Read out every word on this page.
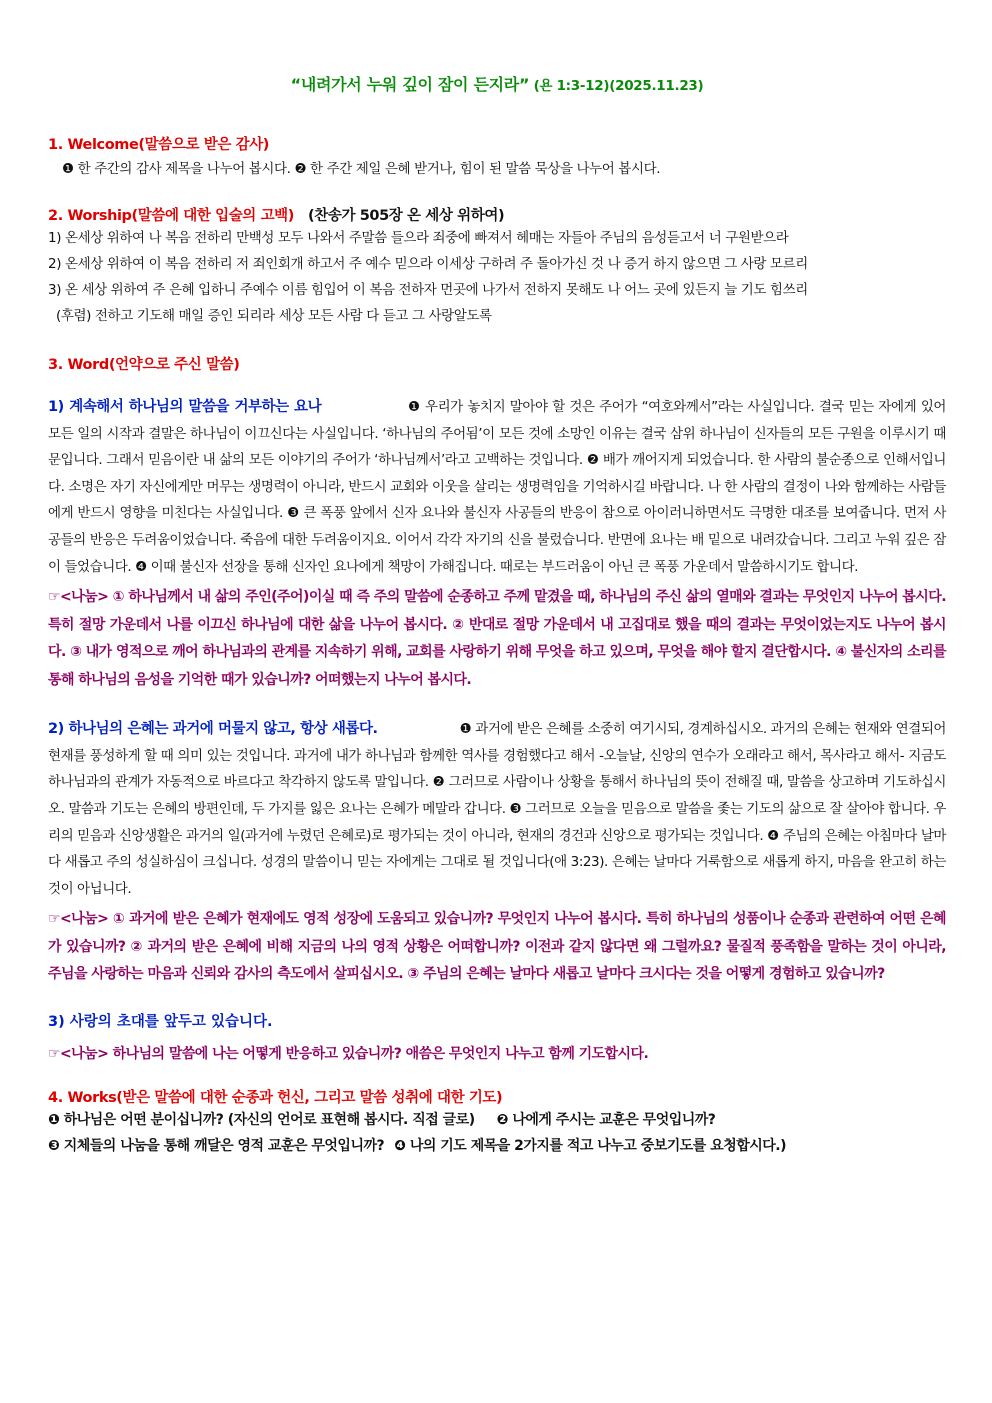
“내려가서 누워 깊이 잠이 든지라” (욘 1:3-12)(2025.11.23)
1. Welcome(말씀으로 받은 감사)
❶ 한 주간의 감사 제목을 나누어 봅시다. ❷ 한 주간 제일 은혜 받거나, 힘이 된 말씀 묵상을 나누어 봅시다.
2. Worship(말씀에 대한 입술의 고백) (찬송가 505장 온 세상 위하여)
1) 온세상 위하여 나 복음 전하리 만백성 모두 나와서 주말씀 들으라 죄중에 빠져서 헤매는 자들아 주님의 음성듣고서 너 구원받으라
2) 온세상 위하여 이 복음 전하리 저 죄인회개 하고서 주 예수 믿으라 이세상 구하려 주 돌아가신 것 나 증거 하지 않으면 그 사랑 모르리
3) 온 세상 위하여 주 은혜 입하니 주예수 이름 힘입어 이 복음 전하자 먼곳에 나가서 전하지 못해도 나 어느 곳에 있든지 늘 기도 힘쓰리
(후렴) 전하고 기도해 매일 증인 되리라 세상 모든 사람 다 듣고 그 사랑알도록
3. Word(언약으로 주신 말씀)
1) 계속해서 하나님의 말씀을 거부하는 요나	❶ 우리가 놓치지 말아야 할 것은 주어가 “여호와께서”라는 사실입니다. 결국 믿는 자에게 있어 모든 일의 시작과 결말은 하나님이 이끄신다는 사실입니다. ‘하나님의 주어됨’이 모든 것에 소망인 이유는 결국 삼위 하나님이 신자들의 모든 구원을 이루시기 때문입니다. 그래서 믿음이란 내 삶의 모든 이야기의 주어가 ‘하나님께서’라고 고백하는 것입니다. ❷ 배가 깨어지게 되었습니다. 한 사람의 불순종으로 인해서입니다. 소명은 자기 자신에게만 머무는 생명력이 아니라, 반드시 교회와 이웃을 살리는 생명력임을 기억하시길 바랍니다. 나 한 사람의 결정이 나와 함께하는 사람들에게 반드시 영향을 미친다는 사실입니다. ❸ 큰 폭풍 앞에서 신자 요나와 불신자 사공들의 반응이 참으로 아이러니하면서도 극명한 대조를 보여줍니다. 먼저 사공들의 반응은 두려움이었습니다. 죽음에 대한 두려움이지요. 이어서 각각 자기의 신을 불렀습니다. 반면에 요나는 배 밑으로 내려갔습니다. 그리고 누워 깊은 잠이 들었습니다. ❹ 이때 불신자 선장을 통해 신자인 요나에게 책망이 가해집니다. 때로는 부드러움이 아닌 큰 폭풍 가운데서 말씀하시기도 합니다.
☞<나눔> ① 하나님께서 내 삶의 주인(주어)이실 때 즉 주의 말씀에 순종하고 주께 맡겼을 때, 하나님의 주신 삶의 열매와 결과는 무엇인지 나누어 봅시다. 특히 절망 가운데서 나를 이끄신 하나님에 대한 삶을 나누어 봅시다. ② 반대로 절망 가운데서 내 고집대로 했을 때의 결과는 무엇이었는지도 나누어 봅시다. ③ 내가 영적으로 깨어 하나님과의 관계를 지속하기 위해, 교회를 사랑하기 위해 무엇을 하고 있으며, 무엇을 해야 할지 결단합시다. ④ 불신자의 소리를 통해 하나님의 음성을 기억한 때가 있습니까? 어떠했는지 나누어 봅시다.
2) 하나님의 은혜는 과거에 머물지 않고, 항상 새롭다.	❶ 과거에 받은 은혜를 소중히 여기시되, 경계하십시오. 과거의 은혜는 현재와 연결되어 현재를 풍성하게 할 때 의미 있는 것입니다. 과거에 내가 하나님과 함께한 역사를 경험했다고 해서 -오늘날, 신앙의 연수가 오래라고 해서, 목사라고 해서- 지금도 하나님과의 관계가 자동적으로 바르다고 착각하지 않도록 말입니다. ❷ 그러므로 사람이나 상황을 통해서 하나님의 뜻이 전해질 때, 말씀을 상고하며 기도하십시오. 말씀과 기도는 은혜의 방편인데, 두 가지를 잃은 요나는 은혜가 메말라 갑니다. ❸ 그러므로 오늘을 믿음으로 말씀을 좇는 기도의 삶으로 잘 살아야 합니다. 우리의 믿음과 신앙생활은 과거의 일(과거에 누렸던 은혜로)로 평가되는 것이 아니라, 현재의 경건과 신앙으로 평가되는 것입니다. ❹ 주님의 은혜는 아침마다 날마다 새롭고 주의 성실하심이 크십니다. 성경의 말씀이니 믿는 자에게는 그대로 될 것입니다(애 3:23). 은혜는 날마다 거룩함으로 새롭게 하지, 마음을 완고히 하는 것이 아닙니다.
☞<나눔> ① 과거에 받은 은혜가 현재에도 영적 성장에 도움되고 있습니까? 무엇인지 나누어 봅시다. 특히 하나님의 성품이나 순종과 관련하여 어떤 은혜가 있습니까? ② 과거의 받은 은혜에 비해 지금의 나의 영적 상황은 어떠합니까? 이전과 같지 않다면 왜 그럴까요? 물질적 풍족함을 말하는 것이 아니라, 주님을 사랑하는 마음과 신뢰와 감사의 측도에서 살피십시오. ③ 주님의 은혜는 날마다 새롭고 날마다 크시다는 것을 어떻게 경험하고 있습니까?
3) 사랑의 초대를 앞두고 있습니다.
☞<나눔> 하나님의 말씀에 나는 어떻게 반응하고 있습니까? 애씀은 무엇인지 나누고 함께 기도합시다.
4. Works(받은 말씀에 대한 순종과 헌신, 그리고 말씀 성취에 대한 기도)
❶ 하나님은 어떤 분이십니까? (자신의 언어로 표현해 봅시다. 직접 글로) ❷ 나에게 주시는 교훈은 무엇입니까?
❸ 지체들의 나눔을 통해 깨달은 영적 교훈은 무엇입니까? ❹ 나의 기도 제목을 2가지를 적고 나누고 중보기도를 요청합시다.)
